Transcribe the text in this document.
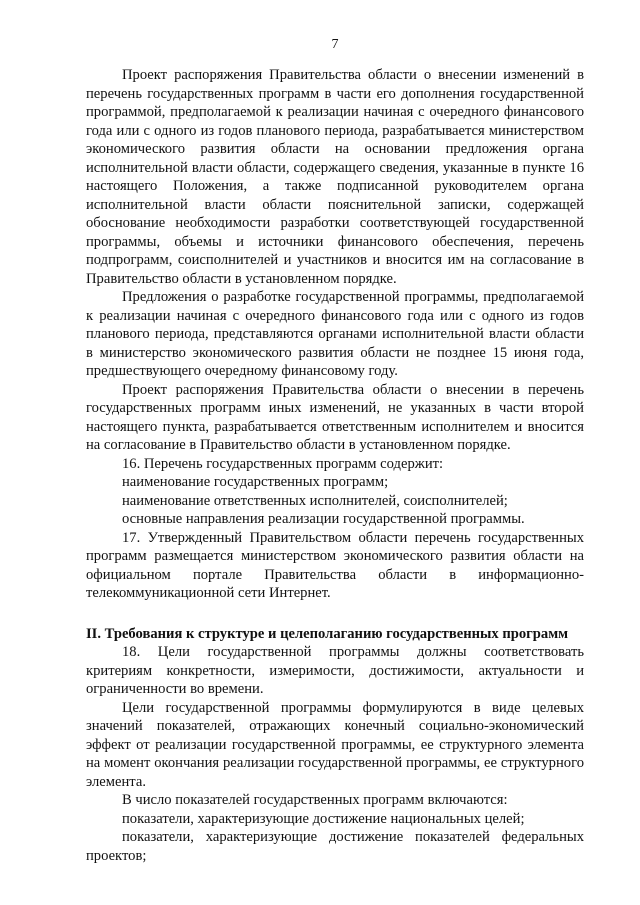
7

Проект распоряжения Правительства области о внесении изменений в перечень государственных программ в части его дополнения государственной программой, предполагаемой к реализации начиная с очередного финансового года или с одного из годов планового периода, разрабатывается министерством экономического развития области на основании предложения органа исполнительной власти области, содержащего сведения, указанные в пункте 16 настоящего Положения, а также подписанной руководителем органа исполнительной власти области пояснительной записки, содержащей обоснование необходимости разработки соответствующей государственной программы, объемы и источники финансового обеспечения, перечень подпрограмм, соисполнителей и участников и вносится им на согласование в Правительство области в установленном порядке.

Предложения о разработке государственной программы, предполагаемой к реализации начиная с очередного финансового года или с одного из годов планового периода, представляются органами исполнительной власти области в министерство экономического развития области не позднее 15 июня года, предшествующего очередному финансовому году.

Проект распоряжения Правительства области о внесении в перечень государственных программ иных изменений, не указанных в части второй настоящего пункта, разрабатывается ответственным исполнителем и вносится на согласование в Правительство области в установленном порядке.

16. Перечень государственных программ содержит:

наименование государственных программ;

наименование ответственных исполнителей, соисполнителей;

основные направления реализации государственной программы.

17. Утвержденный Правительством области перечень государственных программ размещается министерством экономического развития области на официальном портале Правительства области в информационно-телекоммуникационной сети Интернет.

II. Требования к структуре и целеполаганию государственных программ

18. Цели государственной программы должны соответствовать критериям конкретности, измеримости, достижимости, актуальности и ограниченности во времени.

Цели государственной программы формулируются в виде целевых значений показателей, отражающих конечный социально-экономический эффект от реализации государственной программы, ее структурного элемента на момент окончания реализации государственной программы, ее структурного элемента.

В число показателей государственных программ включаются:

показатели, характеризующие достижение национальных целей;

показатели, характеризующие достижение показателей федеральных проектов;
